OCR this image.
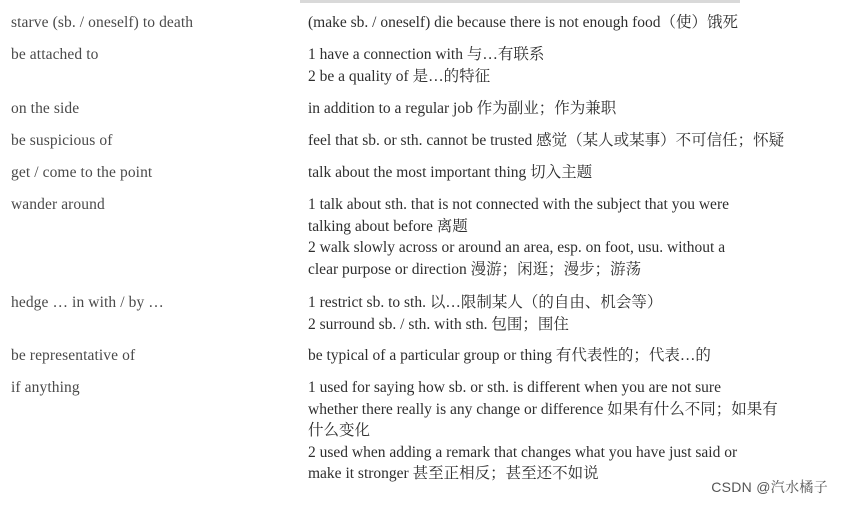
starve (sb. / oneself) to death	(make sb. / oneself) die because there is not enough food（使）饿死
be attached to	1 have a connection with 与…有联系
2 be a quality of 是…的特征
on the side	in addition to a regular job 作为副业；作为兼职
be suspicious of	feel that sb. or sth. cannot be trusted 感觉（某人或某事）不可信任；怀疑
get / come to the point	talk about the most important thing 切入主题
wander around	1 talk about sth. that is not connected with the subject that you were
talking about before 离题
2 walk slowly across or around an area, esp. on foot, usu. without a
clear purpose or direction 漫游；闲逛；漫步；游荡
hedge … in with / by …	1 restrict sb. to sth. 以…限制某人（的自由、机会等）
2 surround sb. / sth. with sth. 包围；围住
be representative of	be typical of a particular group or thing 有代表性的；代表…的
if anything	1 used for saying how sb. or sth. is different when you are not sure
whether there really is any change or difference 如果有什么不同；如果有
什么变化
2 used when adding a remark that changes what you have just said or
make it stronger 甚至正相反；甚至还不如说
CSDN @汽水橘子
